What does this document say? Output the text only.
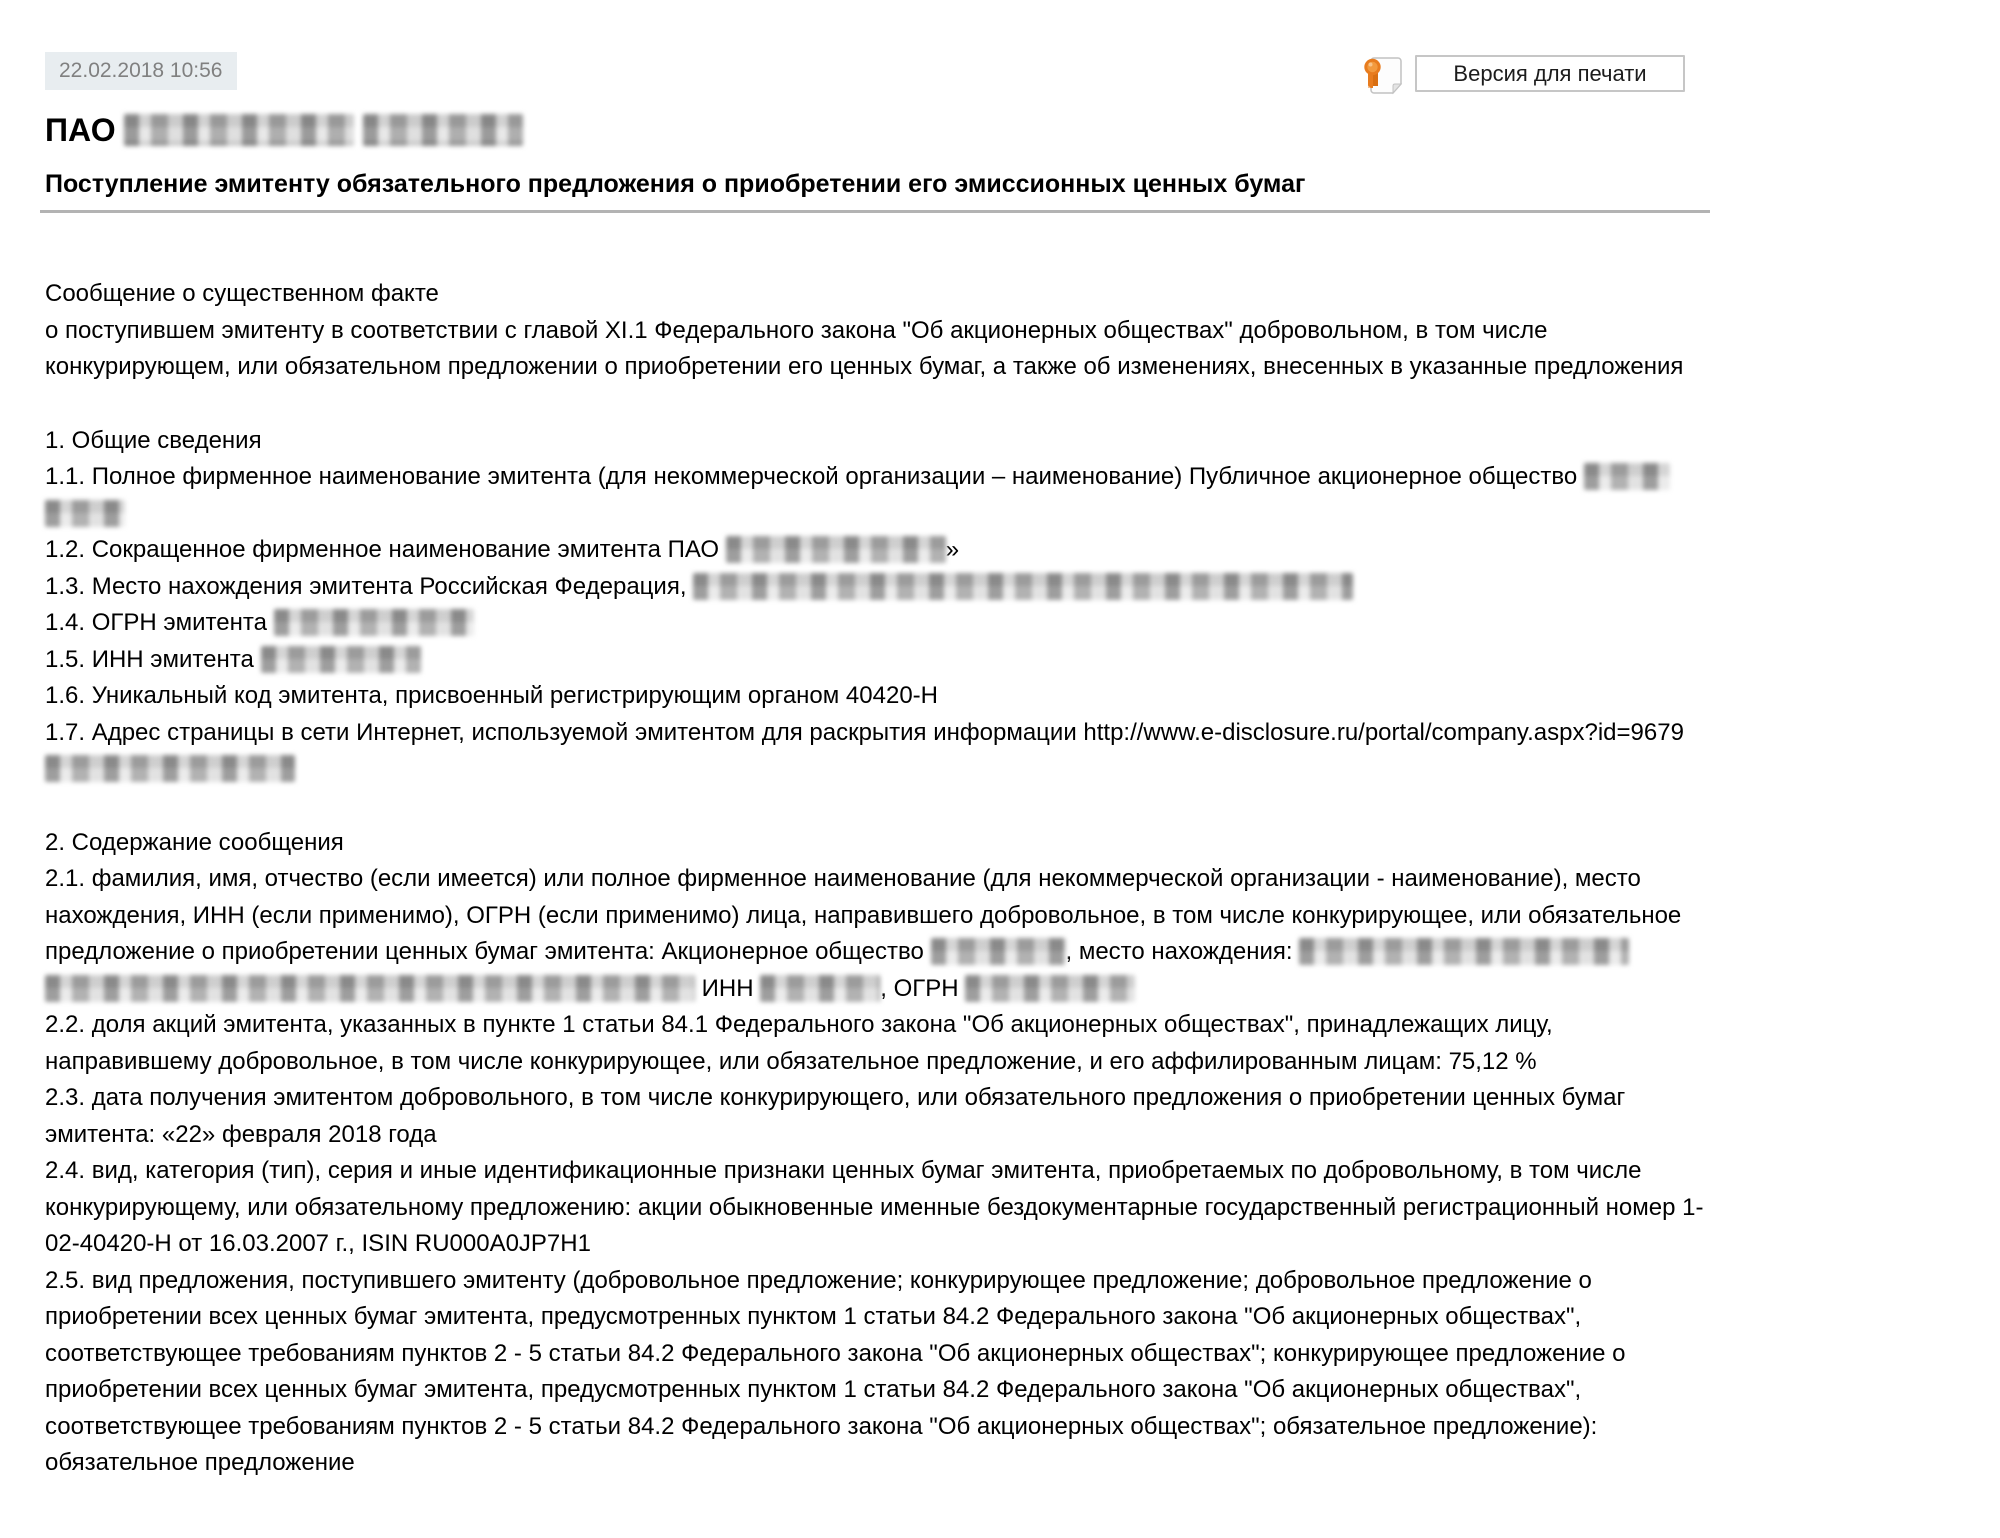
22.02.2018 10:56	Версия для печати
ПАО
Поступление эмитенту обязательного предложения о приобретении его эмиссионных ценных бумаг
Сообщение о существенном факте
о поступившем эмитенту в соответствии с главой XI.1 Федерального закона "Об акционерных обществах" добровольном, в том числе конкурирующем, или обязательном предложении о приобретении его ценных бумаг, а также об изменениях, внесенных в указанные предложения
1. Общие сведения
1.1. Полное фирменное наименование эмитента (для некоммерческой организации – наименование) Публичное акционерное общество
1.2. Сокращенное фирменное наименование эмитента ПАО	»
1.3. Место нахождения эмитента Российская Федерация,
1.4. ОГРН эмитента
1.5. ИНН эмитента
1.6. Уникальный код эмитента, присвоенный регистрирующим органом 40420-Н
1.7. Адрес страницы в сети Интернет, используемой эмитентом для раскрытия информации http://www.e-disclosure.ru/portal/company.aspx?id=9679
2. Содержание сообщения
2.1. фамилия, имя, отчество (если имеется) или полное фирменное наименование (для некоммерческой организации - наименование), место нахождения, ИНН (если применимо), ОГРН (если применимо) лица, направившего добровольное, в том числе конкурирующее, или обязательное предложение о приобретении ценных бумаг эмитента: Акционерное общество	, место нахождения:   ИНН	, ОГРН
2.2. доля акций эмитента, указанных в пункте 1 статьи 84.1 Федерального закона "Об акционерных обществах", принадлежащих лицу, направившему добровольное, в том числе конкурирующее, или обязательное предложение, и его аффилированным лицам: 75,12 %
2.3. дата получения эмитентом добровольного, в том числе конкурирующего, или обязательного предложения о приобретении ценных бумаг эмитента: «22» февраля 2018 года
2.4. вид, категория (тип), серия и иные идентификационные признаки ценных бумаг эмитента, приобретаемых по добровольному, в том числе конкурирующему, или обязательному предложению: акции обыкновенные именные бездокументарные государственный регистрационный номер 1-02-40420-Н от 16.03.2007 г., ISIN RU000A0JP7H1
2.5. вид предложения, поступившего эмитенту (добровольное предложение; конкурирующее предложение; добровольное предложение о приобретении всех ценных бумаг эмитента, предусмотренных пунктом 1 статьи 84.2 Федерального закона "Об акционерных обществах", соответствующее требованиям пунктов 2 - 5 статьи 84.2 Федерального закона "Об акционерных обществах"; конкурирующее предложение о приобретении всех ценных бумаг эмитента, предусмотренных пунктом 1 статьи 84.2 Федерального закона "Об акционерных обществах", соответствующее требованиям пунктов 2 - 5 статьи 84.2 Федерального закона "Об акционерных обществах"; обязательное предложение): обязательное предложение
